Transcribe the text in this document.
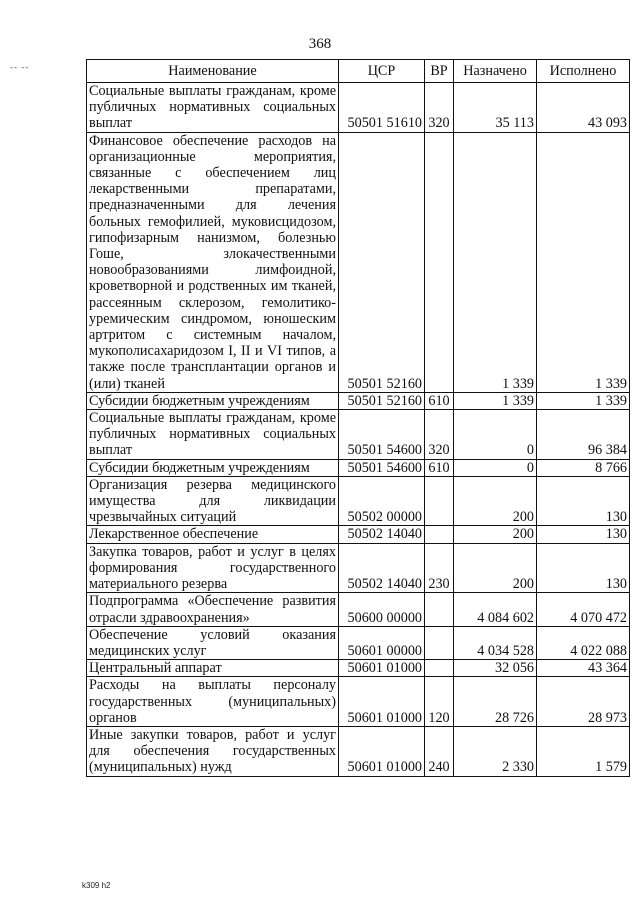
368
-- --	Наименование	ЦСР	ВР	Назначено	Исполнено
Социальные выплаты гражданам, кроме публичных нормативных социальных выплат	50501 51610	320	35 113	43 093
Финансовое обеспечение расходов на организационные мероприятия, связанные с обеспечением лиц лекарственными препаратами, предназначенными для лечения больных гемофилией, муковисцидозом, гипофизарным нанизмом, болезнью Гоше, злокачественными новообразованиями лимфоидной, кроветворной и родственных им тканей, рассеянным склерозом, гемолитико-уремическим синдромом, юношеским артритом с системным началом, мукополисахаридозом I, II и VI типов, а также после трансплантации органов и (или) тканей	50501 52160		1 339	1 339
Субсидии бюджетным учреждениям	50501 52160	610	1 339	1 339
Социальные выплаты гражданам, кроме публичных нормативных социальных выплат	50501 54600	320	0	96 384
Субсидии бюджетным учреждениям	50501 54600	610	0	8 766
Организация резерва медицинского имущества для ликвидации чрезвычайных ситуаций	50502 00000		200	130
Лекарственное обеспечение	50502 14040		200	130
Закупка товаров, работ и услуг в целях формирования государственного материального резерва	50502 14040	230	200	130
Подпрограмма «Обеспечение развития отрасли здравоохранения»	50600 00000		4 084 602	4 070 472
Обеспечение условий оказания медицинских услуг	50601 00000		4 034 528	4 022 088
Центральный аппарат	50601 01000		32 056	43 364
Расходы на выплаты персоналу государственных (муниципальных) органов	50601 01000	120	28 726	28 973
Иные закупки товаров, работ и услуг для обеспечения государственных (муниципальных) нужд	50601 01000	240	2 330	1 579
k309 h2
